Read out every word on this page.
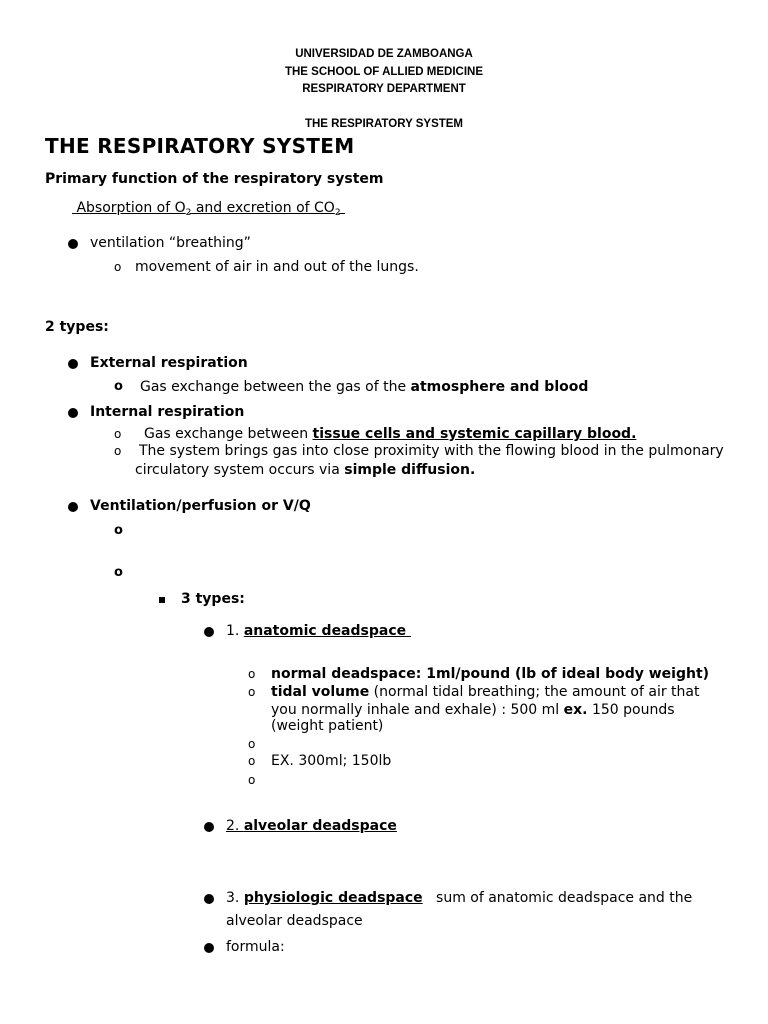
UNIVERSIDAD DE ZAMBOANGA
THE SCHOOL OF ALLIED MEDICINE
RESPIRATORY DEPARTMENT
THE RESPIRATORY SYSTEM
THE RESPIRATORY SYSTEM
Primary function of the respiratory system
Absorption of $O_2$ and excretion of $CO_2$
ventilation “breathing”
o movement of air in and out of the lungs.
2 types:
External respiration
o Gas exchange between the gas of the atmosphere and blood
Internal respiration
o Gas exchange between tissue cells and systemic capillary blood.
o The system brings gas into close proximity with the flowing blood in the pulmonary
circulatory system occurs via simple diffusion.
Ventilation/perfusion or V/Q
o
o
3 types:
1. anatomic deadspace
o normal deadspace: 1ml/pound (lb of ideal body weight)
o tidal volume (normal tidal breathing; the amount of air that
you normally inhale and exhale) : 500 ml ex. 150 pounds
(weight patient)
o
o EX. 300ml; 150lb
o
2. alveolar deadspace
3. physiologic deadspace   sum of anatomic deadspace and the
alveolar deadspace
formula:
